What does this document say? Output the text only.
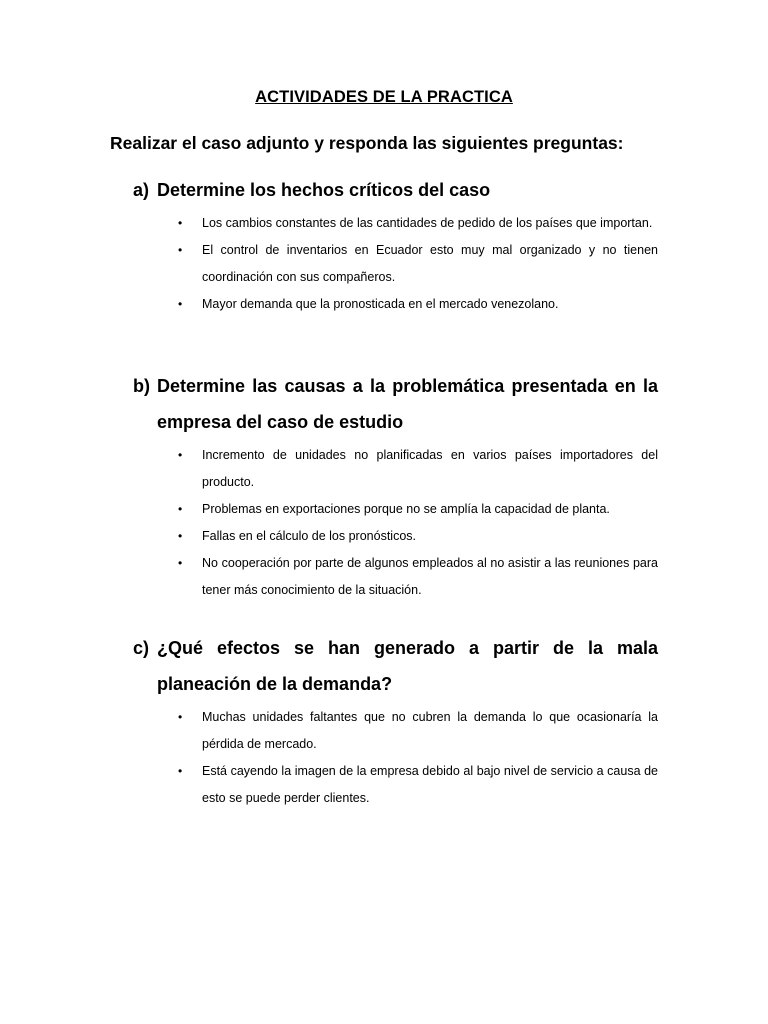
ACTIVIDADES DE LA PRACTICA
Realizar el caso adjunto y responda las siguientes preguntas:
a) Determine los hechos críticos del caso
• Los cambios constantes de las cantidades de pedido de los países que importan.
• El control de inventarios en Ecuador esto muy mal organizado y no tienen coordinación con sus compañeros.
• Mayor demanda que la pronosticada en el mercado venezolano.
b) Determine las causas a la problemática presentada en la empresa del caso de estudio
• Incremento de unidades no planificadas en varios países importadores del producto.
• Problemas en exportaciones porque no se amplía la capacidad de planta.
• Fallas en el cálculo de los pronósticos.
• No cooperación por parte de algunos empleados al no asistir a las reuniones para tener más conocimiento de la situación.
c) ¿Qué efectos se han generado a partir de la mala planeación de la demanda?
• Muchas unidades faltantes que no cubren la demanda lo que ocasionaría la pérdida de mercado.
• Está cayendo la imagen de la empresa debido al bajo nivel de servicio a causa de esto se puede perder clientes.
